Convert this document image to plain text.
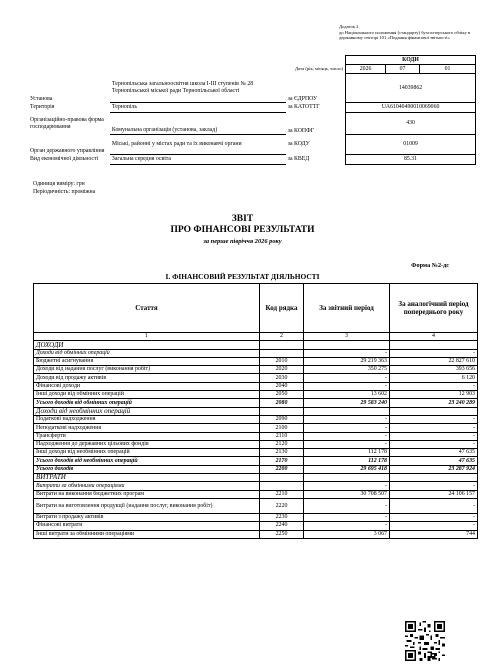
Додаток 2
до Національного положення (стандарту) бухгалтерського обліку в державному секторі 101 «Подання фінансової звітності»
			КОДИ		
		Дата (рік, місяць, число)	2026	07	01
Установа	Тернопільська загальноосвітня школа І-ІІІ ступенів № 28 Тернопільської міської ради Тернопільської області	за ЄДРПОУ	14039862		
Територія	Тернопіль	за КАТОТТГ	UA61040490010069060		
Організаційно-правова форма господарювання	Комунальна організація (установа, заклад)	за КОПФГ	430		
Орган державного управління	Міські, районні у містах ради та їх виконавчі органи	за КОДУ	01009		
Вид економічної діяльності	Загальна середня освіта	за КВЕД	85.31		
Одиниця виміру: грн
Періодичність: проміжна
ЗВІТ
ПРО ФІНАНСОВІ РЕЗУЛЬТАТИ
за перше півріччя 2026 року
Форма №2-дс
І. ФІНАНСОВИЙ РЕЗУЛЬТАТ ДІЯЛЬНОСТІ
Стаття	Код рядка	За звітний період	За аналогічний період попереднього року
1	2	3	4
ДОХОДИ			
Доходи від обмінних операцій		-	-
Бюджетні асигнування	2010	29 219 363	22 827 610
Доходи від надання послуг (виконання робіт)	2020	350 275	393 656
Доходи від продажу активів	2030	-	6 120
Фінансові доходи	2040	-	-
Інші доходи від обмінних операцій	2050	13 602	12 903
Усього доходів від обмінних операцій	2080	29 583 240	23 240 289
Доходи від необмінних операцій			
Податкові надходження	2090	-	-
Неподаткові надходження	2100	-	-
Трансферти	2110	-	-
Надходження до державних цільових фондів	2120	-	-
Інші доходи від необмінних операцій	2130	112 178	47 635
Усього доходів від необмінних операцій	2170	112 178	47 635
Усього доходів	2200	29 695 418	23 287 924
ВИТРАТИ			
Витрати за обмінними операціями		-	-
Витрати на виконання бюджетних програм	2210	30 708 507	24 106 157
Витрати на виготовлення продукції (надання послуг, виконання робіт)	2220	-	-
Витрати з продажу активів	2230	-	-
Фінансові витрати	2240	-	-
Інші витрати за обмінними операціями	2250	3 067	744
